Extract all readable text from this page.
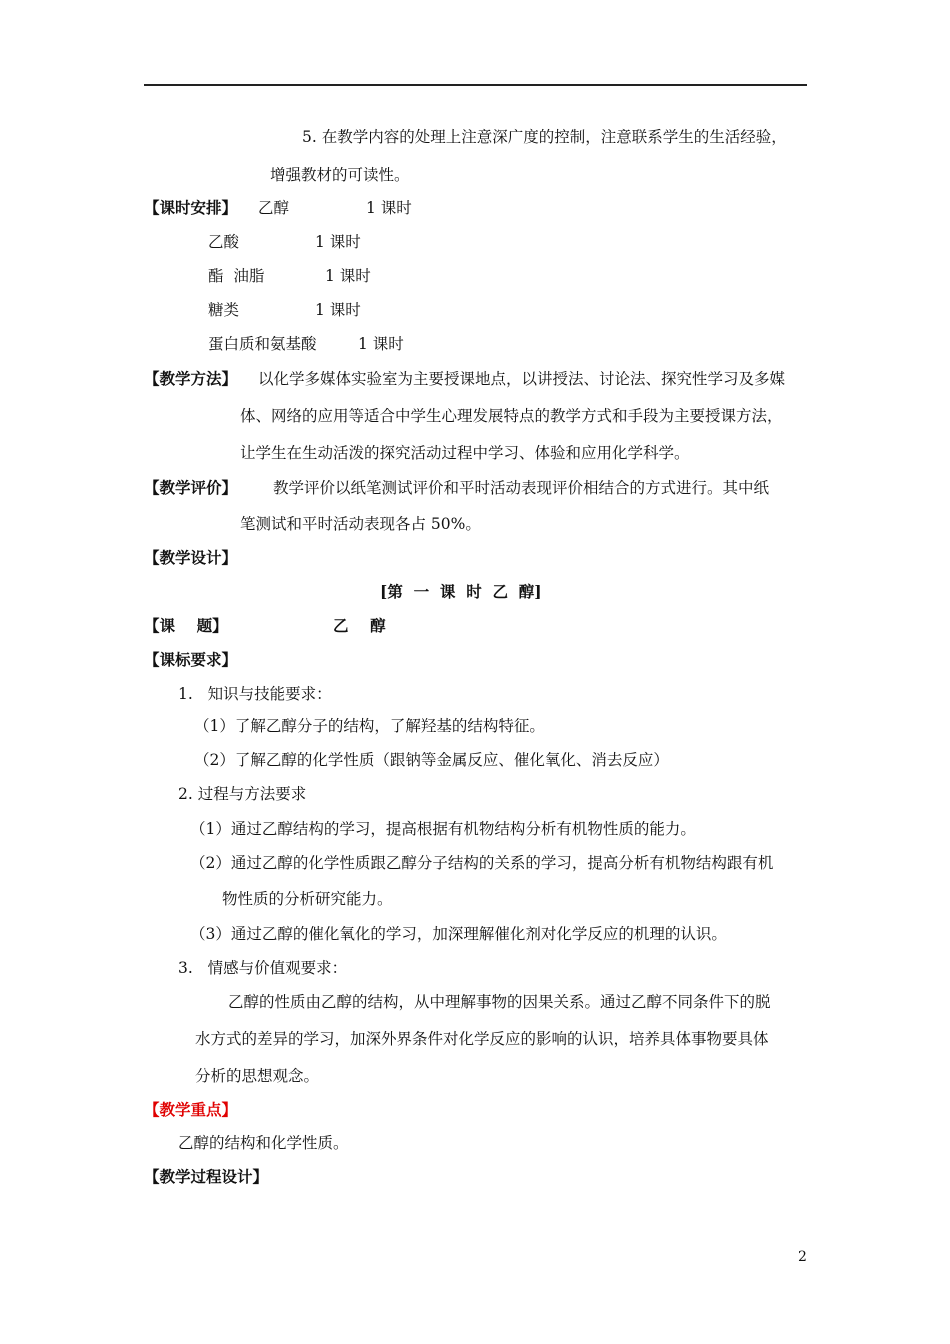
5. 在教学内容的处理上注意深广度的控制，注意联系学生的生活经验，
增强教材的可读性。
【课时安排】 乙醇	1 课时
乙酸	1 课时
酯  油脂	1 课时
糖类	1 课时
蛋白质和氨基酸	1 课时
【教学方法】 以化学多媒体实验室为主要授课地点，以讲授法、讨论法、探究性学习及多媒
体、网络的应用等适合中学生心理发展特点的教学方式和手段为主要授课方法，
让学生在生动活泼的探究活动过程中学习、体验和应用化学科学。
【教学评价】 教学评价以纸笔测试评价和平时活动表现评价相结合的方式进行。其中纸
笔测试和平时活动表现各占 50%。
【教学设计】
[第  一  课  时  乙  醇]
【课    题】	乙    醇
【课标要求】
1.   知识与技能要求：
（1）了解乙醇分子的结构，了解羟基的结构特征。
（2）了解乙醇的化学性质（跟钠等金属反应、催化氧化、消去反应）
2. 过程与方法要求
（1）通过乙醇结构的学习，提高根据有机物结构分析有机物性质的能力。
（2）通过乙醇的化学性质跟乙醇分子结构的关系的学习，提高分析有机物结构跟有机
物性质的分析研究能力。
（3）通过乙醇的催化氧化的学习，加深理解催化剂对化学反应的机理的认识。
3.   情感与价值观要求：
乙醇的性质由乙醇的结构，从中理解事物的因果关系。通过乙醇不同条件下的脱
水方式的差异的学习，加深外界条件对化学反应的影响的认识，培养具体事物要具体
分析的思想观念。
【教学重点】
乙醇的结构和化学性质。
【教学过程设计】
2
